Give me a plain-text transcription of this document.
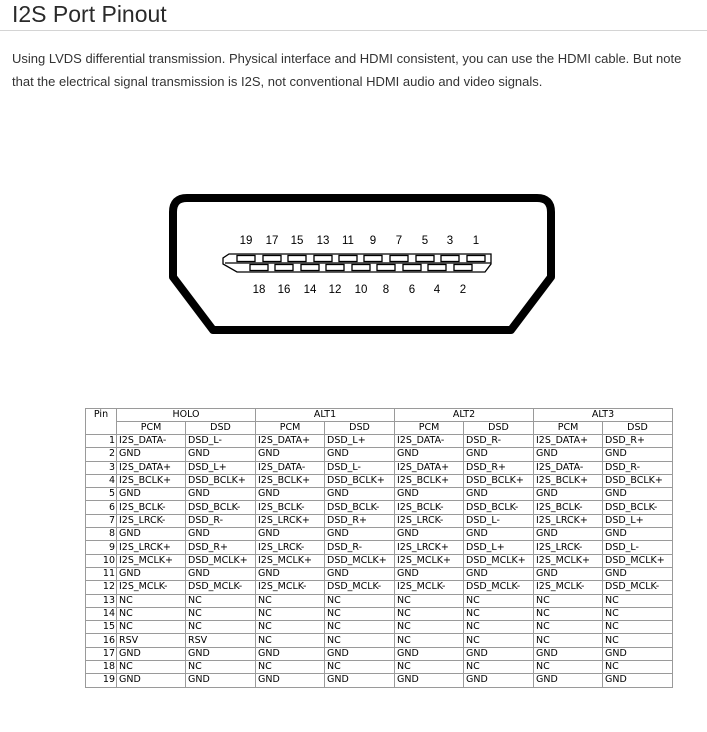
I2S Port Pinout

Using LVDS differential transmission. Physical interface and HDMI consistent, you can use the HDMI cable. But note that the electrical signal transmission is I2S, not conventional HDMI audio and video signals.

19 17 15 13 11 9 7 5 3 1
18 16 14 12 10 8 6 4 2
Pin	HOLO		ALT1		ALT2		ALT3	
	PCM	DSD	PCM	DSD	PCM	DSD	PCM	DSD
1	I2S_DATA-	DSD_L-	I2S_DATA+	DSD_L+	I2S_DATA-	DSD_R-	I2S_DATA+	DSD_R+
2	GND	GND	GND	GND	GND	GND	GND	GND
3	I2S_DATA+	DSD_L+	I2S_DATA-	DSD_L-	I2S_DATA+	DSD_R+	I2S_DATA-	DSD_R-
4	I2S_BCLK+	DSD_BCLK+	I2S_BCLK+	DSD_BCLK+	I2S_BCLK+	DSD_BCLK+	I2S_BCLK+	DSD_BCLK+
5	GND	GND	GND	GND	GND	GND	GND	GND
6	I2S_BCLK-	DSD_BCLK-	I2S_BCLK-	DSD_BCLK-	I2S_BCLK-	DSD_BCLK-	I2S_BCLK-	DSD_BCLK-
7	I2S_LRCK-	DSD_R-	I2S_LRCK+	DSD_R+	I2S_LRCK-	DSD_L-	I2S_LRCK+	DSD_L+
8	GND	GND	GND	GND	GND	GND	GND	GND
9	I2S_LRCK+	DSD_R+	I2S_LRCK-	DSD_R-	I2S_LRCK+	DSD_L+	I2S_LRCK-	DSD_L-
10	I2S_MCLK+	DSD_MCLK+	I2S_MCLK+	DSD_MCLK+	I2S_MCLK+	DSD_MCLK+	I2S_MCLK+	DSD_MCLK+
11	GND	GND	GND	GND	GND	GND	GND	GND
12	I2S_MCLK-	DSD_MCLK-	I2S_MCLK-	DSD_MCLK-	I2S_MCLK-	DSD_MCLK-	I2S_MCLK-	DSD_MCLK-
13	NC	NC	NC	NC	NC	NC	NC	NC
14	NC	NC	NC	NC	NC	NC	NC	NC
15	NC	NC	NC	NC	NC	NC	NC	NC
16	RSV	RSV	NC	NC	NC	NC	NC	NC
17	GND	GND	GND	GND	GND	GND	GND	GND
18	NC	NC	NC	NC	NC	NC	NC	NC
19	GND	GND	GND	GND	GND	GND	GND	GND
